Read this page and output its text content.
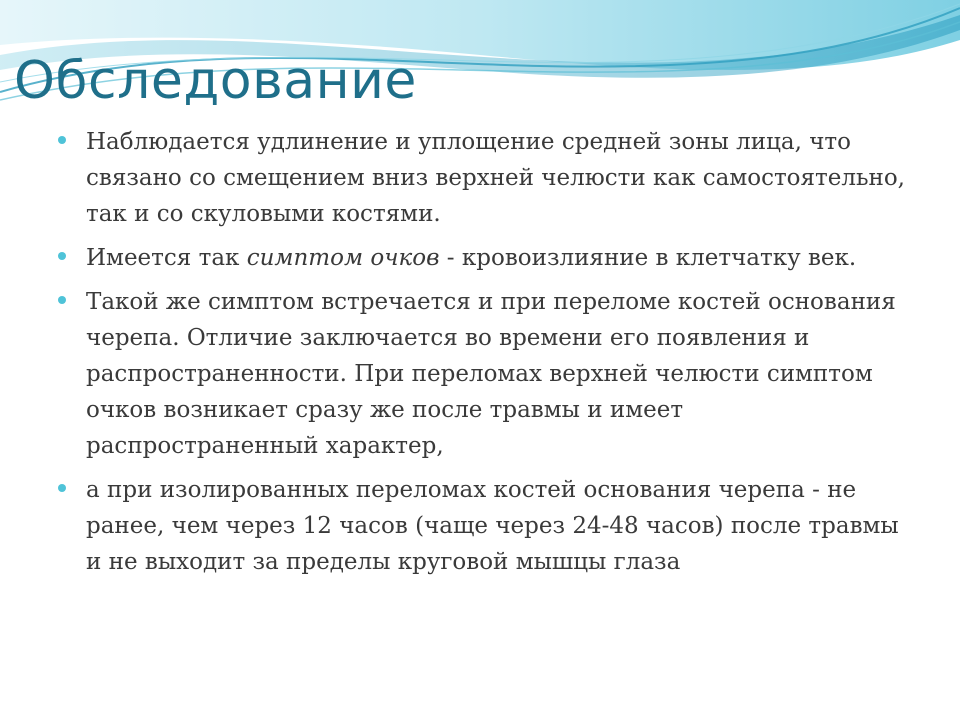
Обследование
Наблюдается удлинение и уплощение средней зоны лица, что связано со смещением вниз верхней челюсти как самостоятельно, так и со скуловыми костями.
Имеется так симптом очков - кровоизлияние в клетчатку век.
Такой же симптом встречается и при переломе костей основания черепа. Отличие заключается во времени его появления и распространенности. При переломах верхней челюсти симптом очков возникает сразу же после травмы и имеет распространенный характер,
а при изолированных переломах костей основания черепа - не ранее, чем через 12 часов (чаще через 24-48 часов) после травмы и не выходит за пределы круговой мышцы глаза
